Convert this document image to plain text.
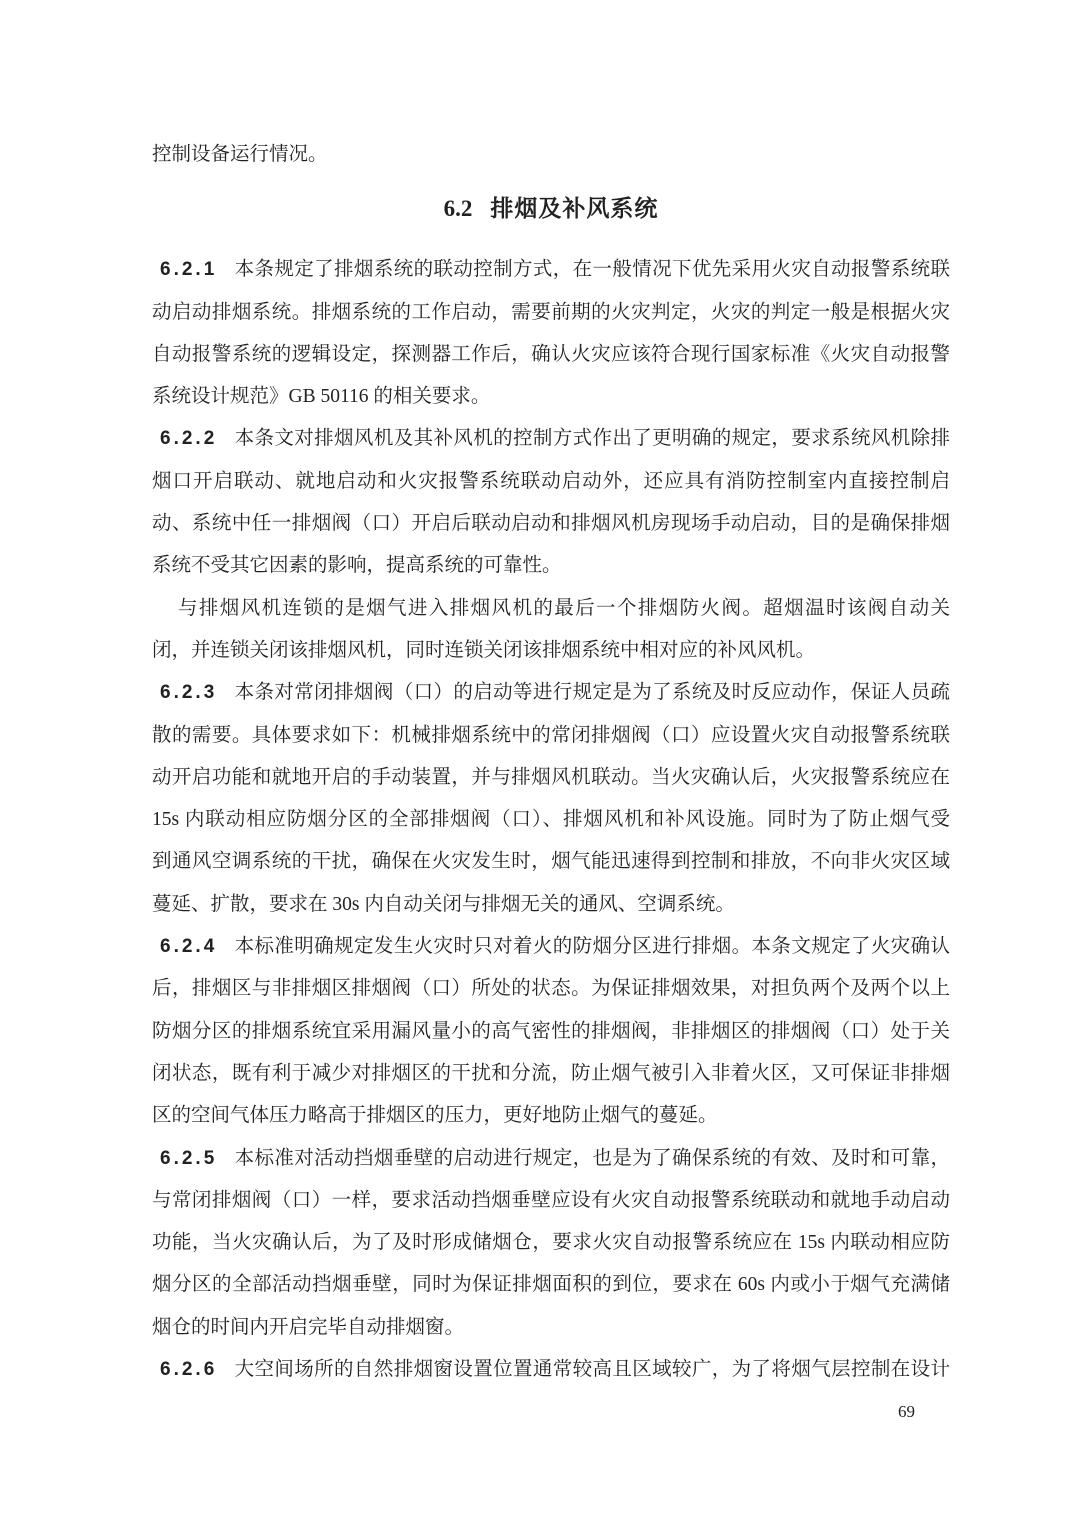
控制设备运行情况。
6.2 排烟及补风系统
6.2.1 本条规定了排烟系统的联动控制方式，在一般情况下优先采用火灾自动报警系统联
动启动排烟系统。排烟系统的工作启动，需要前期的火灾判定，火灾的判定一般是根据火灾
自动报警系统的逻辑设定，探测器工作后，确认火灾应该符合现行国家标准《火灾自动报警
系统设计规范》GB 50116 的相关要求。
6.2.2 本条文对排烟风机及其补风机的控制方式作出了更明确的规定，要求系统风机除排
烟口开启联动、就地启动和火灾报警系统联动启动外，还应具有消防控制室内直接控制启
动、系统中任一排烟阀（口）开启后联动启动和排烟风机房现场手动启动，目的是确保排烟
系统不受其它因素的影响，提高系统的可靠性。
与排烟风机连锁的是烟气进入排烟风机的最后一个排烟防火阀。超烟温时该阀自动关
闭，并连锁关闭该排烟风机，同时连锁关闭该排烟系统中相对应的补风风机。
6.2.3 本条对常闭排烟阀（口）的启动等进行规定是为了系统及时反应动作，保证人员疏
散的需要。具体要求如下：机械排烟系统中的常闭排烟阀（口）应设置火灾自动报警系统联
动开启功能和就地开启的手动装置，并与排烟风机联动。当火灾确认后，火灾报警系统应在
15s 内联动相应防烟分区的全部排烟阀（口）、排烟风机和补风设施。同时为了防止烟气受
到通风空调系统的干扰，确保在火灾发生时，烟气能迅速得到控制和排放，不向非火灾区域
蔓延、扩散，要求在 30s 内自动关闭与排烟无关的通风、空调系统。
6.2.4 本标准明确规定发生火灾时只对着火的防烟分区进行排烟。本条文规定了火灾确认
后，排烟区与非排烟区排烟阀（口）所处的状态。为保证排烟效果，对担负两个及两个以上
防烟分区的排烟系统宜采用漏风量小的高气密性的排烟阀，非排烟区的排烟阀（口）处于关
闭状态，既有利于减少对排烟区的干扰和分流，防止烟气被引入非着火区，又可保证非排烟
区的空间气体压力略高于排烟区的压力，更好地防止烟气的蔓延。
6.2.5 本标准对活动挡烟垂壁的启动进行规定，也是为了确保系统的有效、及时和可靠，
与常闭排烟阀（口）一样，要求活动挡烟垂壁应设有火灾自动报警系统联动和就地手动启动
功能，当火灾确认后，为了及时形成储烟仓，要求火灾自动报警系统应在 15s 内联动相应防
烟分区的全部活动挡烟垂壁，同时为保证排烟面积的到位，要求在 60s 内或小于烟气充满储
烟仓的时间内开启完毕自动排烟窗。
6.2.6 大空间场所的自然排烟窗设置位置通常较高且区域较广，为了将烟气层控制在设计
69
